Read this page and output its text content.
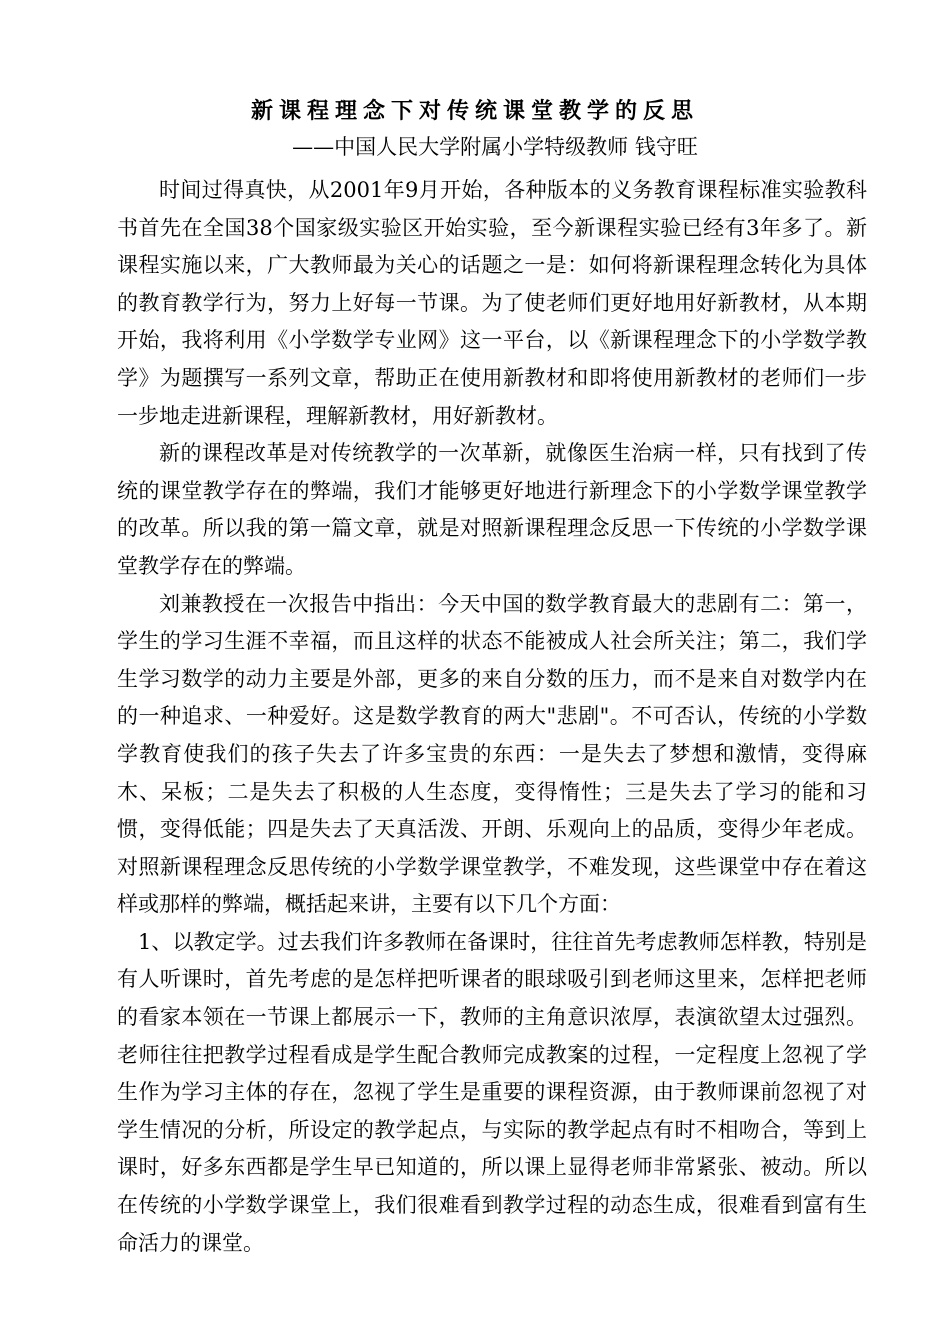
新课程理念下对传统课堂教学的反思
——中国人民大学附属小学特级教师 钱守旺

时间过得真快，从2001年9月开始，各种版本的义务教育课程标准实验教科书首先在全国38个国家级实验区开始实验，至今新课程实验已经有3年多了。新课程实施以来，广大教师最为关心的话题之一是：如何将新课程理念转化为具体的教育教学行为，努力上好每一节课。为了使老师们更好地用好新教材，从本期开始，我将利用《小学数学专业网》这一平台，以《新课程理念下的小学数学教学》为题撰写一系列文章，帮助正在使用新教材和即将使用新教材的老师们一步一步地走进新课程，理解新教材，用好新教材。

新的课程改革是对传统教学的一次革新，就像医生治病一样，只有找到了传统的课堂教学存在的弊端，我们才能够更好地进行新理念下的小学数学课堂教学的改革。所以我的第一篇文章，就是对照新课程理念反思一下传统的小学数学课堂教学存在的弊端。

刘兼教授在一次报告中指出：今天中国的数学教育最大的悲剧有二：第一，学生的学习生涯不幸福，而且这样的状态不能被成人社会所关注；第二，我们学生学习数学的动力主要是外部，更多的来自分数的压力，而不是来自对数学内在的一种追求、一种爱好。这是数学教育的两大"悲剧"。不可否认，传统的小学数学教育使我们的孩子失去了许多宝贵的东西：一是失去了梦想和激情，变得麻木、呆板；二是失去了积极的人生态度，变得惰性；三是失去了学习的能和习惯，变得低能；四是失去了天真活泼、开朗、乐观向上的品质，变得少年老成。对照新课程理念反思传统的小学数学课堂教学，不难发现，这些课堂中存在着这样或那样的弊端，概括起来讲，主要有以下几个方面：

1、以教定学。过去我们许多教师在备课时，往往首先考虑教师怎样教，特别是有人听课时，首先考虑的是怎样把听课者的眼球吸引到老师这里来，怎样把老师的看家本领在一节课上都展示一下，教师的主角意识浓厚，表演欲望太过强烈。老师往往把教学过程看成是学生配合教师完成教案的过程，一定程度上忽视了学生作为学习主体的存在，忽视了学生是重要的课程资源，由于教师课前忽视了对学生情况的分析，所设定的教学起点，与实际的教学起点有时不相吻合，等到上课时，好多东西都是学生早已知道的，所以课上显得老师非常紧张、被动。所以在传统的小学数学课堂上，我们很难看到教学过程的动态生成，很难看到富有生命活力的课堂。
